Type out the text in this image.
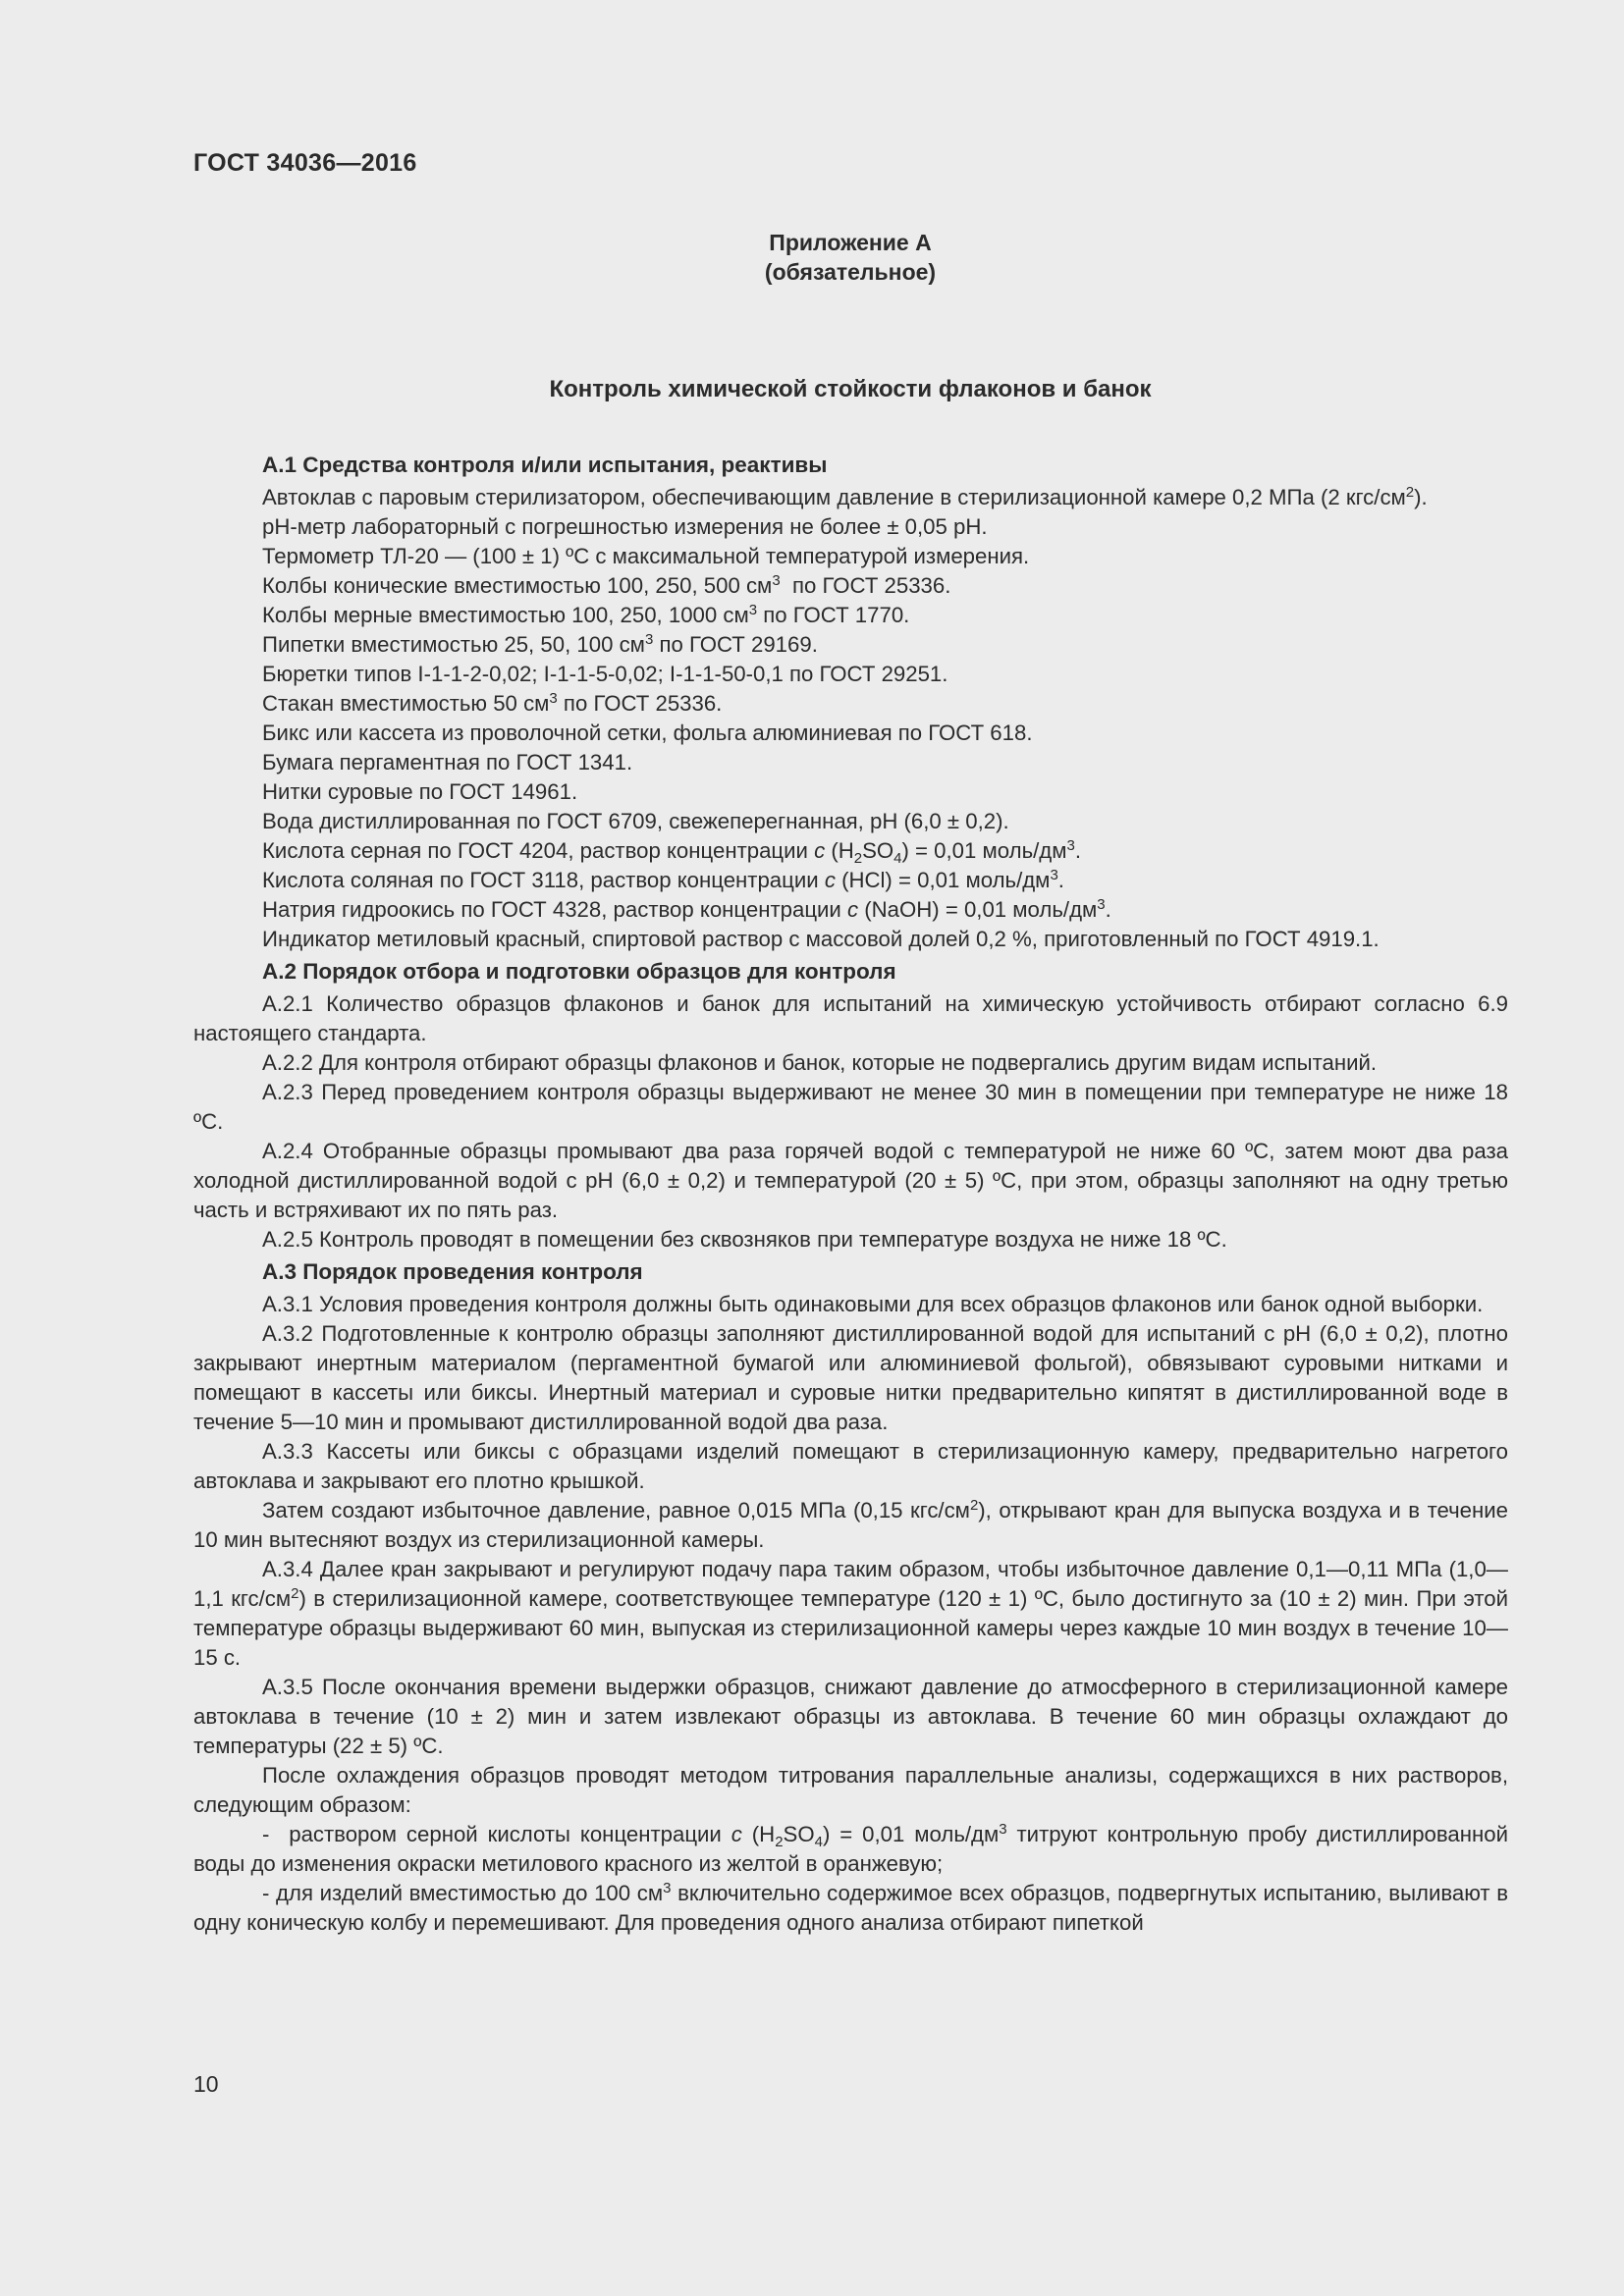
ГОСТ 34036—2016
Приложение А
(обязательное)
Контроль химической стойкости флаконов и банок
А.1 Средства контроля и/или испытания, реактивы

Автоклав с паровым стерилизатором, обеспечивающим давление в стерилизационной камере 0,2 МПа (2 кгс/$см^2$).

рН-метр лабораторный с погрешностью измерения не более ± 0,05 рН.

Термометр ТЛ-20 — (100 ± 1) ºС с максимальной температурой измерения.

Колбы конические вместимостью 100, 250, 500 $см^3$  по ГОСТ 25336.

Колбы мерные вместимостью 100, 250, 1000 $см^3$ по ГОСТ 1770.

Пипетки вместимостью 25, 50, 100 $см^3$ по ГОСТ 29169.

Бюретки типов I-1-1-2-0,02; I-1-1-5-0,02; I-1-1-50-0,1 по ГОСТ 29251.

Стакан вместимостью 50 $см^3$ по ГОСТ 25336.

Бикс или кассета из проволочной сетки, фольга алюминиевая по ГОСТ 618.

Бумага пергаментная по ГОСТ 1341.

Нитки суровые по ГОСТ 14961.

Вода дистиллированная по ГОСТ 6709, свежеперегнанная, рН (6,0 ± 0,2).

Кислота серная по ГОСТ 4204, раствор концентрации с $(H_2SO_4) = 0,01$ моль/$дм^3$.

Кислота соляная по ГОСТ 3118, раствор концентрации с (HCl) = 0,01 моль/$дм^3$.

Натрия гидроокись по ГОСТ 4328, раствор концентрации с (NaOH) = 0,01 моль/$дм^3$.

Индикатор метиловый красный, спиртовой раствор с массовой долей 0,2 %, приготовленный по ГОСТ 4919.1.

А.2 Порядок отбора и подготовки образцов для контроля

А.2.1 Количество образцов флаконов и банок для испытаний на химическую устойчивость отбирают согласно 6.9 настоящего стандарта.

А.2.2 Для контроля отбирают образцы флаконов и банок, которые не подвергались другим видам испытаний.

А.2.3 Перед проведением контроля образцы выдерживают не менее 30 мин в помещении при температуре не ниже 18 ºС.

А.2.4 Отобранные образцы промывают два раза горячей водой с температурой не ниже 60 ºС, затем моют два раза холодной дистиллированной водой с рН (6,0 ± 0,2) и температурой (20 ± 5) ºС, при этом, образцы заполняют на одну третью часть и встряхивают их по пять раз.

А.2.5 Контроль проводят в помещении без сквозняков при температуре воздуха не ниже 18 ºС.

А.3 Порядок проведения контроля

А.3.1 Условия проведения контроля должны быть одинаковыми для всех образцов флаконов или банок одной выборки.

А.3.2 Подготовленные к контролю образцы заполняют дистиллированной водой для испытаний с рН (6,0 ± 0,2), плотно закрывают инертным материалом (пергаментной бумагой или алюминиевой фольгой), обвязывают суровыми нитками и помещают в кассеты или биксы. Инертный материал и суровые нитки предварительно кипятят в дистиллированной воде в течение 5—10 мин и промывают дистиллированной водой два раза.

А.3.3 Кассеты или биксы с образцами изделий помещают в стерилизационную камеру, предварительно нагретого автоклава и закрывают его плотно крышкой.

Затем создают избыточное давление, равное 0,015 МПа (0,15 кгс/$см^2$), открывают кран для выпуска воздуха и в течение 10 мин вытесняют воздух из стерилизационной камеры.

А.3.4 Далее кран закрывают и регулируют подачу пара таким образом, чтобы избыточное давление 0,1—0,11 МПа (1,0—1,1 кгс/$см^2$) в стерилизационной камере, соответствующее температуре (120 ± 1) ºС, было достигнуто за (10 ± 2) мин. При этой температуре образцы выдерживают 60 мин, выпуская из стерилизационной камеры через каждые 10 мин воздух в течение 10—15 с.

А.3.5 После окончания времени выдержки образцов, снижают давление до атмосферного в стерилизационной камере автоклава в течение (10 ± 2) мин и затем извлекают образцы из автоклава. В течение 60 мин образцы охлаждают до температуры (22 ± 5) ºС.

После охлаждения образцов проводят методом титрования параллельные анализы, содержащихся в них растворов, следующим образом:

-  раствором серной кислоты концентрации с $(H_2SO_4) = 0,01$ моль/$дм^3$ титруют контрольную пробу дистиллированной воды до изменения окраски метилового красного из желтой в оранжевую;

- для изделий вместимостью до 100 $см^3$ включительно содержимое всех образцов, подвергнутых испытанию, выливают в одну коническую колбу и перемешивают. Для проведения одного анализа отбирают пипеткой

10
